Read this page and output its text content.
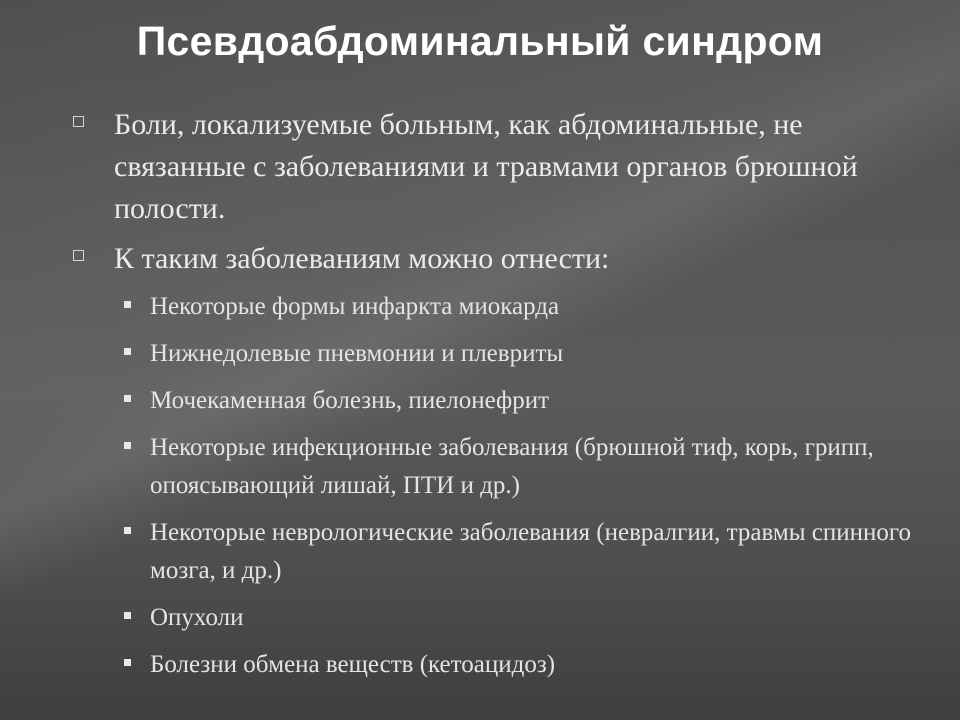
Псевдоабдоминальный синдром
Боли, локализуемые больным, как абдоминальные, не связанные с заболеваниями и травмами органов брюшной полости.
К таким заболеваниям можно отнести:
Некоторые формы инфаркта миокарда
Нижнедолевые пневмонии и плевриты
Мочекаменная болезнь, пиелонефрит
Некоторые инфекционные заболевания (брюшной тиф, корь, грипп, опоясывающий лишай, ПТИ и др.)
Некоторые неврологические заболевания (невралгии, травмы спинного мозга, и др.)
Опухоли
Болезни обмена веществ (кетоацидоз)
